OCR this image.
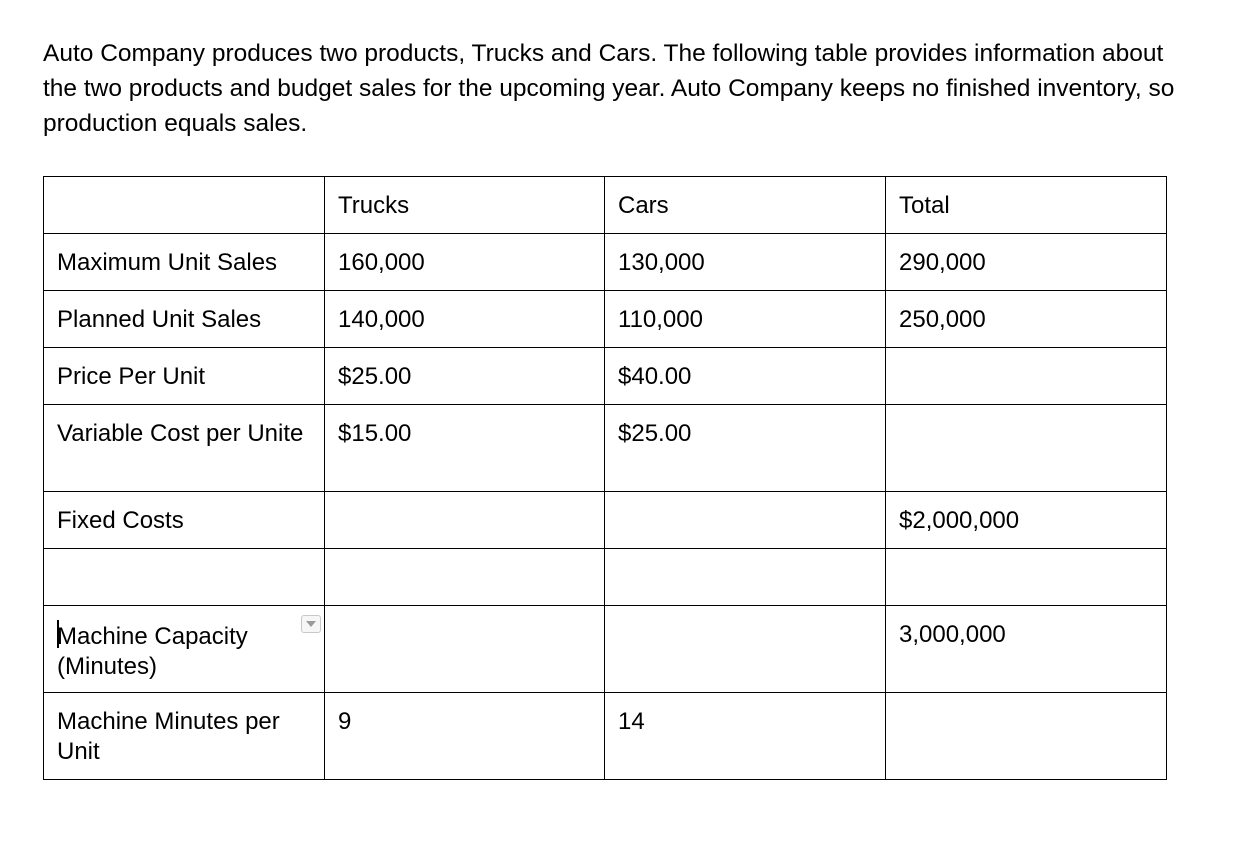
Auto Company produces two products, Trucks and Cars. The following table provides information about the two products and budget sales for the upcoming year. Auto Company keeps no finished inventory, so production equals sales.

	Trucks	Cars	Total
Maximum Unit Sales	160,000	130,000	290,000
Planned Unit Sales	140,000	110,000	250,000
Price Per Unit	$25.00	$40.00	
Variable Cost per Unite	$15.00	$25.00	
Fixed Costs			$2,000,000

Machine Capacity (Minutes)			3,000,000
Machine Minutes per Unit	9	14	
